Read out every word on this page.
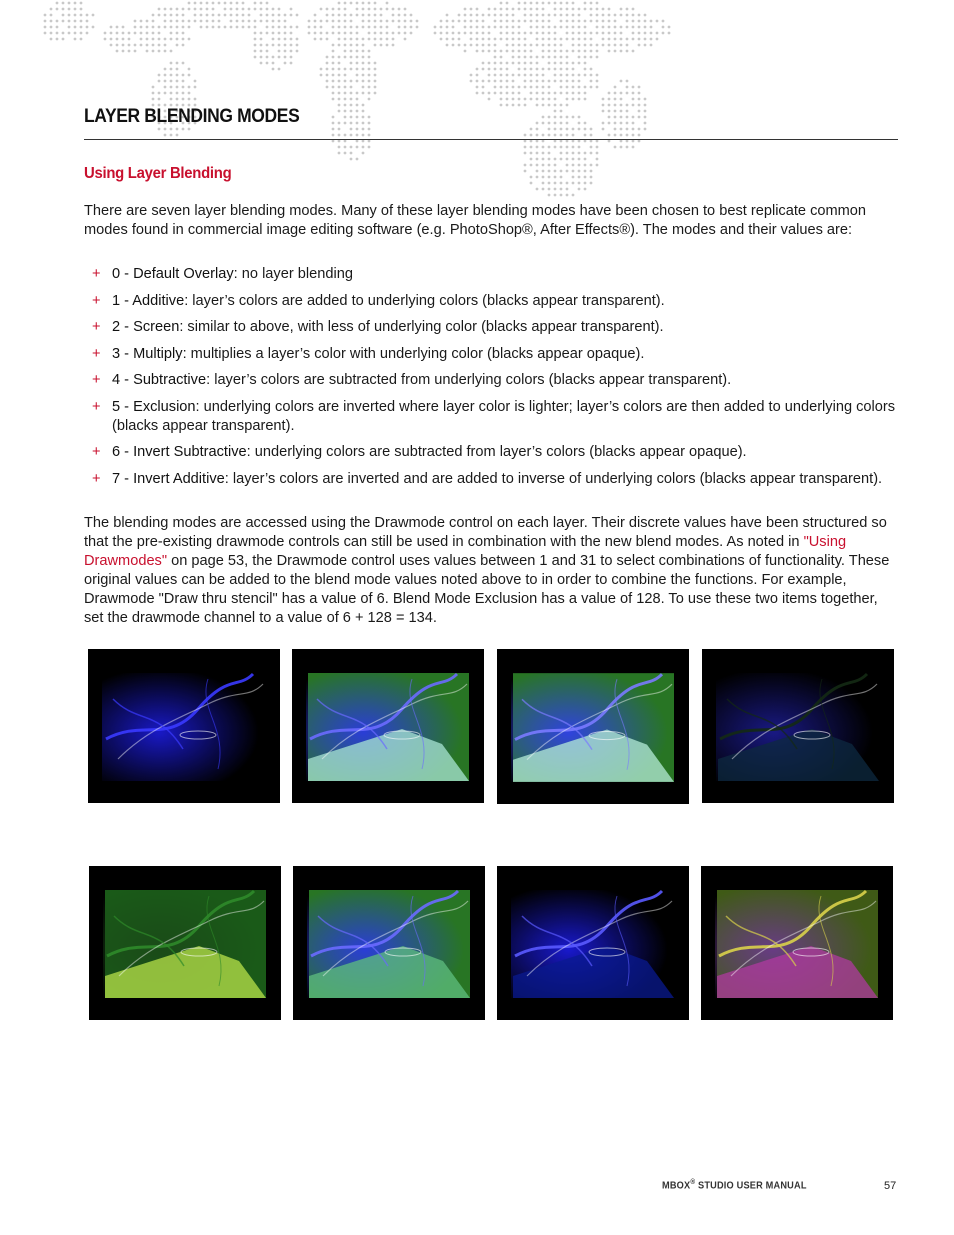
LAYER BLENDING MODES
Using Layer Blending

There are seven layer blending modes. Many of these layer blending modes have been chosen to best replicate common modes found in commercial image editing software (e.g. PhotoShop®, After Effects®). The modes and their values are:

+ 0 - Default Overlay: no layer blending
+ 1 - Additive: layer’s colors are added to underlying colors (blacks appear transparent).
+ 2 - Screen: similar to above, with less of underlying color (blacks appear transparent).
+ 3 - Multiply: multiplies a layer’s color with underlying color (blacks appear opaque).
+ 4 - Subtractive: layer’s colors are subtracted from underlying colors (blacks appear transparent).
+ 5 - Exclusion: underlying colors are inverted where layer color is lighter; layer’s colors are then added to underlying colors (blacks appear transparent).
+ 6 - Invert Subtractive: underlying colors are subtracted from layer’s colors (blacks appear opaque).
+ 7 - Invert Additive: layer’s colors are inverted and are added to inverse of underlying colors (blacks appear transparent).

The blending modes are accessed using the Drawmode control on each layer. Their discrete values have been structured so that the pre-existing drawmode controls can still be used in combination with the new blend modes. As noted in "Using Drawmodes" on page 53, the Drawmode control uses values between 1 and 31 to select combinations of functionality. These original values can be added to the blend mode values noted above to in order to combine the functions. For example, Drawmode "Draw thru stencil" has a value of 6. Blend Mode Exclusion has a value of 128. To use these two items together, set the drawmode channel to a value of 6 + 128 = 134.

MBOX® STUDIO USER MANUAL	57
